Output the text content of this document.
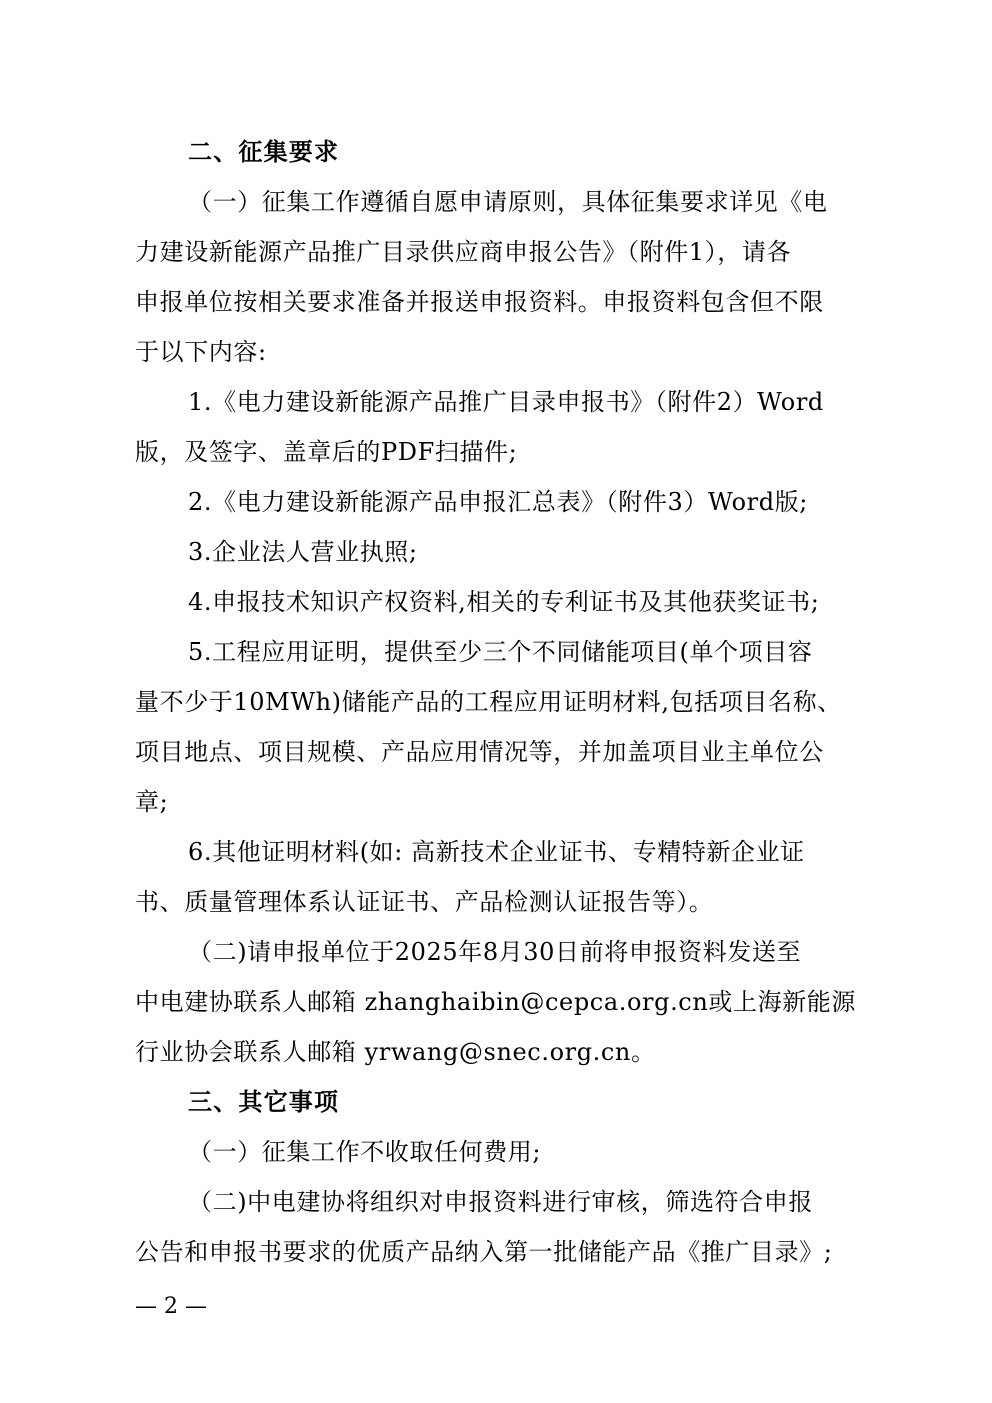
二、征集要求
（一）征集工作遵循自愿申请原则，具体征集要求详见《电
力建设新能源产品推广目录供应商申报公告》（附件1），请各
申报单位按相关要求准备并报送申报资料。申报资料包含但不限
于以下内容:
1.《电力建设新能源产品推广目录申报书》（附件2）Word
版，及签字、盖章后的PDF扫描件;
2.《电力建设新能源产品申报汇总表》（附件3）Word版;
3.企业法人营业执照;
4.申报技术知识产权资料,相关的专利证书及其他获奖证书;
5.工程应用证明，提供至少三个不同储能项目(单个项目容
量不少于10MWh)储能产品的工程应用证明材料,包括项目名称、
项目地点、项目规模、产品应用情况等，并加盖项目业主单位公
章;
6.其他证明材料(如: 高新技术企业证书、专精特新企业证
书、质量管理体系认证证书、产品检测认证报告等）。
（二)请申报单位于2025年8月30日前将申报资料发送至
中电建协联系人邮箱 zhanghaibin@cepca.org.cn或上海新能源
行业协会联系人邮箱 yrwang@snec.org.cn。
三、其它事项
（一）征集工作不收取任何费用;
（二)中电建协将组织对申报资料进行审核，筛选符合申报
公告和申报书要求的优质产品纳入第一批储能产品《推广目录》;
— 2 —
